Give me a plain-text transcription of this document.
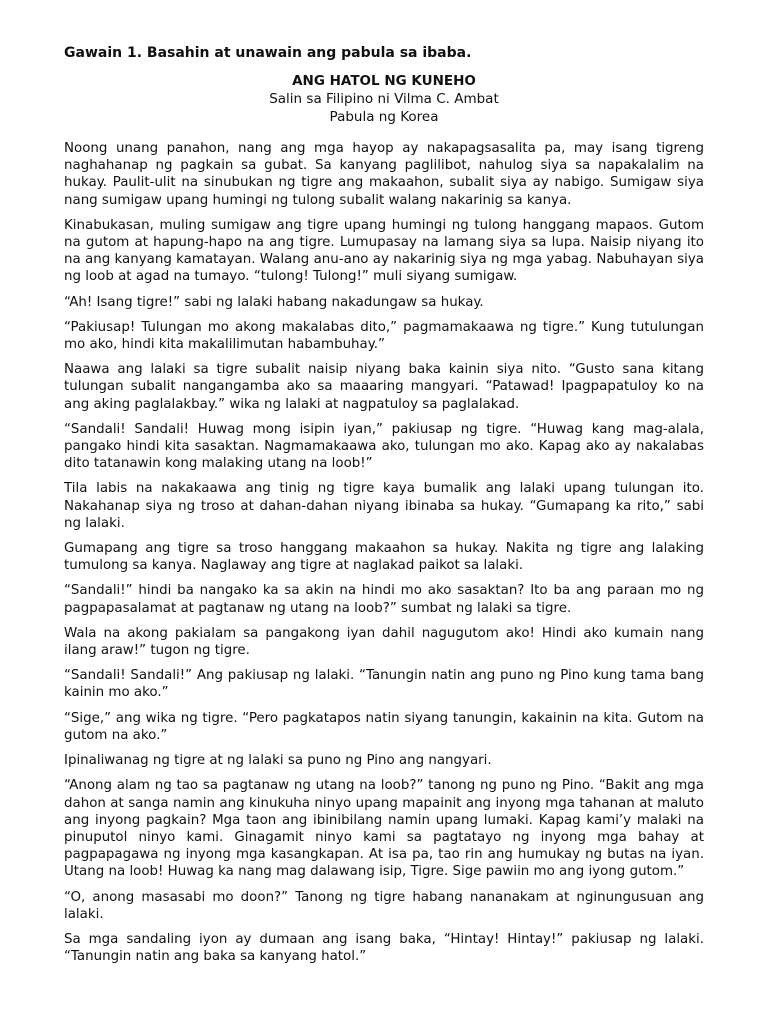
Gawain 1. Basahin at unawain ang pabula sa ibaba.

ANG HATOL NG KUNEHO

Salin sa Filipino ni Vilma C. Ambat

Pabula ng Korea

Noong unang panahon, nang ang mga hayop ay nakapagsasalita pa, may isang tigreng naghahanap ng pagkain sa gubat. Sa kanyang paglilibot, nahulog siya sa napakalalim na hukay. Paulit-ulit na sinubukan ng tigre ang makaahon, subalit siya ay nabigo. Sumigaw siya nang sumigaw upang humingi ng tulong subalit walang nakarinig sa kanya.

Kinabukasan, muling sumigaw ang tigre upang humingi ng tulong hanggang mapaos. Gutom na gutom at hapung-hapo na ang tigre. Lumupasay na lamang siya sa lupa. Naisip niyang ito na ang kanyang kamatayan. Walang anu-ano ay nakarinig siya ng mga yabag. Nabuhayan siya ng loob at agad na tumayo. “tulong! Tulong!” muli siyang sumigaw.

“Ah! Isang tigre!” sabi ng lalaki habang nakadungaw sa hukay.

“Pakiusap! Tulungan mo akong makalabas dito,” pagmamakaawa ng tigre.” Kung tutulungan mo ako, hindi kita makalilimutan habambuhay.”

Naawa ang lalaki sa tigre subalit naisip niyang baka kainin siya nito. “Gusto sana kitang tulungan subalit nangangamba ako sa maaaring mangyari. “Patawad! Ipagpapatuloy ko na ang aking paglalakbay.” wika ng lalaki at nagpatuloy sa paglalakad.

“Sandali! Sandali! Huwag mong isipin iyan,” pakiusap ng tigre. “Huwag kang mag-alala, pangako hindi kita sasaktan. Nagmamakaawa ako, tulungan mo ako. Kapag ako ay nakalabas dito tatanawin kong malaking utang na loob!”

Tila labis na nakakaawa ang tinig ng tigre kaya bumalik ang lalaki upang tulungan ito. Nakahanap siya ng troso at dahan-dahan niyang ibinaba sa hukay. “Gumapang ka rito,” sabi ng lalaki.

Gumapang ang tigre sa troso hanggang makaahon sa hukay. Nakita ng tigre ang lalaking tumulong sa kanya. Naglaway ang tigre at naglakad paikot sa lalaki.

“Sandali!” hindi ba nangako ka sa akin na hindi mo ako sasaktan? Ito ba ang paraan mo ng pagpapasalamat at pagtanaw ng utang na loob?” sumbat ng lalaki sa tigre.

Wala na akong pakialam sa pangakong iyan dahil nagugutom ako! Hindi ako kumain nang ilang araw!” tugon ng tigre.

“Sandali! Sandali!” Ang pakiusap ng lalaki. “Tanungin natin ang puno ng Pino kung tama bang kainin mo ako.”

“Sige,” ang wika ng tigre. “Pero pagkatapos natin siyang tanungin, kakainin na kita. Gutom na gutom na ako.”

Ipinaliwanag ng tigre at ng lalaki sa puno ng Pino ang nangyari.

“Anong alam ng tao sa pagtanaw ng utang na loob?” tanong ng puno ng Pino. “Bakit ang mga dahon at sanga namin ang kinukuha ninyo upang mapainit ang inyong mga tahanan at maluto ang inyong pagkain? Mga taon ang ibinibilang namin upang lumaki. Kapag kami’y malaki na pinuputol ninyo kami. Ginagamit ninyo kami sa pagtatayo ng inyong mga bahay at pagpapagawa ng inyong mga kasangkapan. At isa pa, tao rin ang humukay ng butas na iyan. Utang na loob! Huwag ka nang mag dalawang isip, Tigre. Sige pawiin mo ang iyong gutom.”

“O, anong masasabi mo doon?” Tanong ng tigre habang nananakam at nginungusuan ang lalaki.

Sa mga sandaling iyon ay dumaan ang isang baka, “Hintay! Hintay!” pakiusap ng lalaki. “Tanungin natin ang baka sa kanyang hatol.”
